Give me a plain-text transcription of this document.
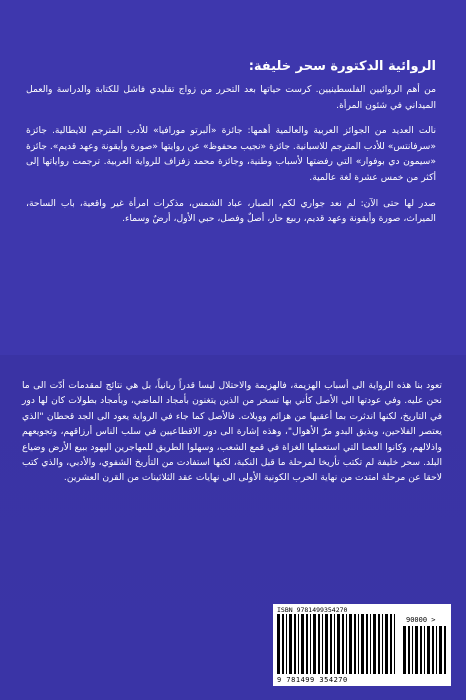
الروائية الدكتورة سحر خليفة:

من أهم الروائيين الفلسطينيين. كرست حياتها بعد التحرر من زواج تقليدي فاشل للكتابة والدراسة والعمل الميداني في شئون المرأة.

نالت العديد من الجوائز العربية والعالمية أهمها: جائزة «ألبرتو مورافيا» للأدب المترجم للايطالية. جائزة «سرفانتس» للأدب المترجم للاسبانية. جائزة «نجيب محفوظ» عن روايتها «صورة وأيقونة وعهد قديم». جائزة «سيمون دي بوفوار» التي رفضتها لأسباب وطنية، وجائزة محمد زفزاف للرواية العربية. ترجمت رواياتها إلى أكثر من خمس عشرة لغة عالمية.

صدر لها حتى الآن: لم نعد جواري لكم، الصبار، عباد الشمس، مذكرات امرأة غير واقعية، باب الساحة، الميراث، صورة وأيقونة وعهد قديم، ربيع حار، أصلٌ وفصل، حبي الأول، أرضٌ وسماء.

تعود بنا هذه الرواية الى أسباب الهزيمة، فالهزيمة والاحتلال ليسا قدراً ربانياً، بل هي نتائج لمقدمات أدّت الى ما نحن عليه. وفي عودتها الى الأصل كأني بها تسخر من الذين يتغنون بأمجاد الماضي، وبأمجاد بطولات كان لها دور في التاريخ، لكنها اندثرت بما أعقبها من هزائم وويلات. فالأصل كما جاء في الرواية يعود الى الجد قحطان "الذي يعتصر الفلاحين، ويذيق البدو مرّ الأهوال"، وهذه إشارة الى دور الاقطاعيين في سلب الناس أرزاقهم، وتجويعهم واذلالهم، وكانوا العصا التي استعملها الغزاة في قمع الشعب، وسهلوا الطريق للمهاجرين اليهود ببيع الأرض وضياع البلد. سحر خليفة لم تكتب تأريخا لمرحلة ما قبل النكبة، لكنها استفادت من التأريخ الشفوي، والأدبي، والذي كتب لاحقا عن مرحلة امتدت من نهاية الحرب الكونية الأولى الى نهايات عقد الثلاثينات من القرن العشرين.
ISBN 9781499354270
90000 >
9 781499 354270
